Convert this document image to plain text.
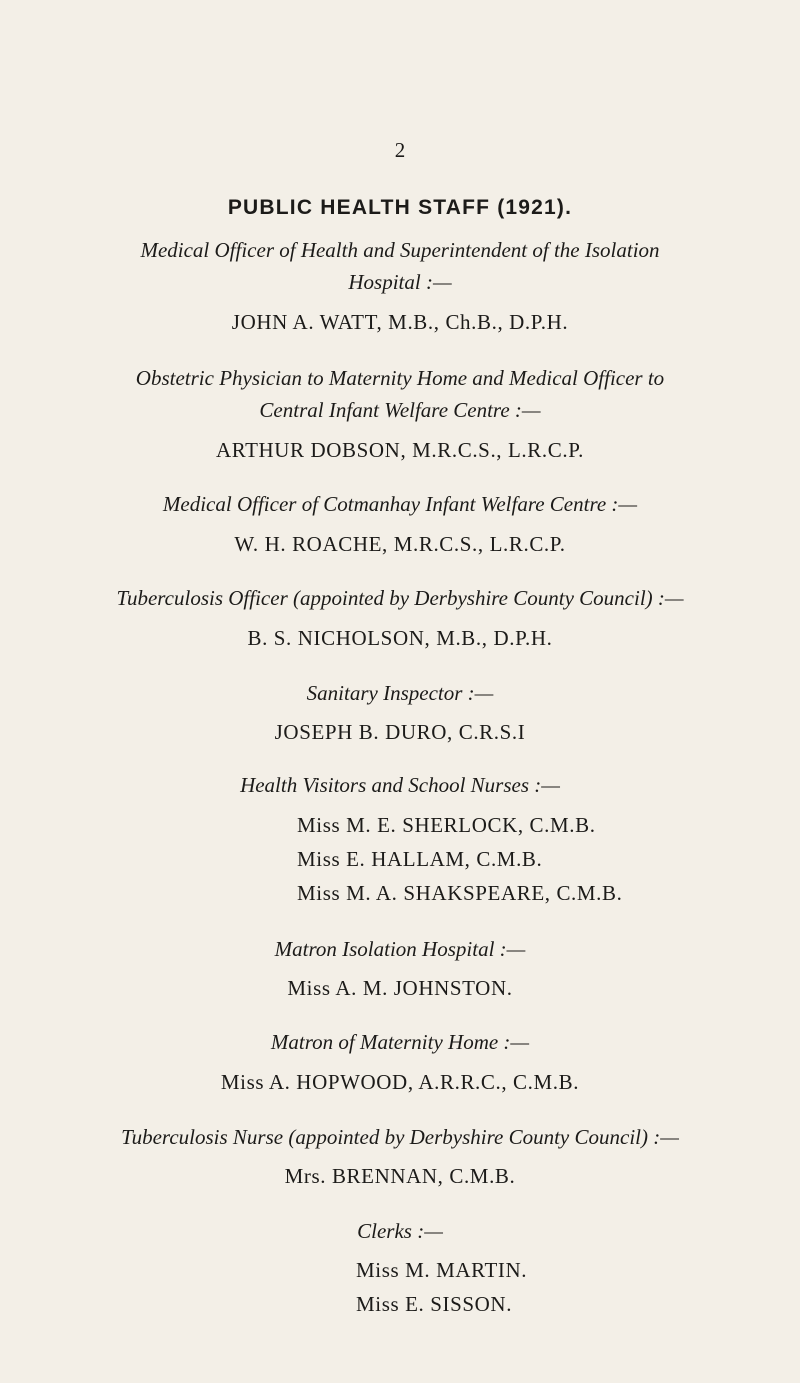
2
PUBLIC HEALTH STAFF (1921).
Medical Officer of Health and Superintendent of the Isolation
Hospital :—
JOHN A. WATT, M.B., Ch.B., D.P.H.
Obstetric Physician to Maternity Home and Medical Officer to
Central Infant Welfare Centre :—
ARTHUR DOBSON, M.R.C.S., L.R.C.P.
Medical Officer of Cotmanhay Infant Welfare Centre :—
W. H. ROACHE, M.R.C.S., L.R.C.P.
Tuberculosis Officer (appointed by Derbyshire County Council) :—
B. S. NICHOLSON, M.B., D.P.H.
Sanitary Inspector :—
JOSEPH B. DURO, C.R.S.I
Health Visitors and School Nurses :—
Miss M. E. SHERLOCK, C.M.B.
Miss E. HALLAM, C.M.B.
Miss M. A. SHAKSPEARE, C.M.B.
Matron Isolation Hospital :—
Miss A. M. JOHNSTON.
Matron of Maternity Home :—
Miss A. HOPWOOD, A.R.R.C., C.M.B.
Tuberculosis Nurse (appointed by Derbyshire County Council) :—
Mrs. BRENNAN, C.M.B.
Clerks :—
Miss M. MARTIN.
Miss E. SISSON.
